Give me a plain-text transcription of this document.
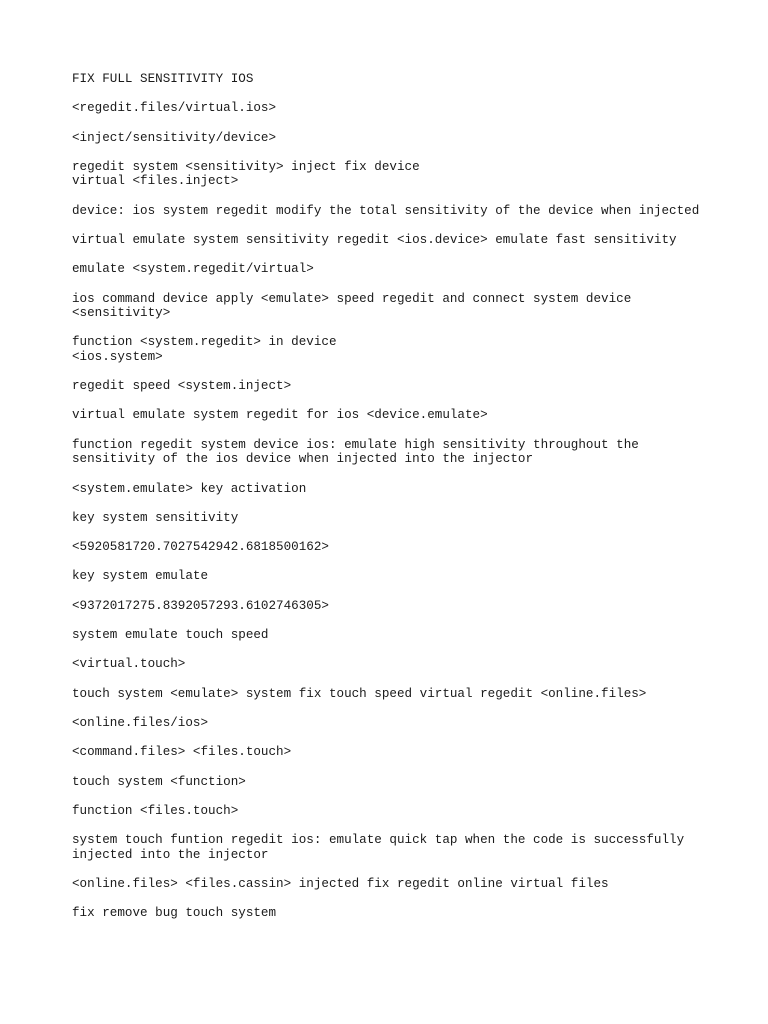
FIX FULL SENSITIVITY IOS
<regedit.files/virtual.ios>
<inject/sensitivity/device>
regedit system <sensitivity> inject fix device
virtual <files.inject>
device: ios system regedit modify the total sensitivity of the device when injected
virtual emulate system sensitivity regedit <ios.device> emulate fast sensitivity
emulate <system.regedit/virtual>
ios command device apply <emulate> speed regedit and connect system device
<sensitivity>
function <system.regedit> in device
<ios.system>
regedit speed <system.inject>
virtual emulate system regedit for ios <device.emulate>
function regedit system device ios: emulate high sensitivity throughout the
sensitivity of the ios device when injected into the injector
<system.emulate> key activation
key system sensitivity
<5920581720.7027542942.6818500162>
key system emulate
<9372017275.8392057293.6102746305>
system emulate touch speed
<virtual.touch>
touch system <emulate> system fix touch speed virtual regedit <online.files>
<online.files/ios>
<command.files> <files.touch>
touch system <function>
function <files.touch>
system touch funtion regedit ios: emulate quick tap when the code is successfully
injected into the injector
<online.files> <files.cassin> injected fix regedit online virtual files
fix remove bug touch system
